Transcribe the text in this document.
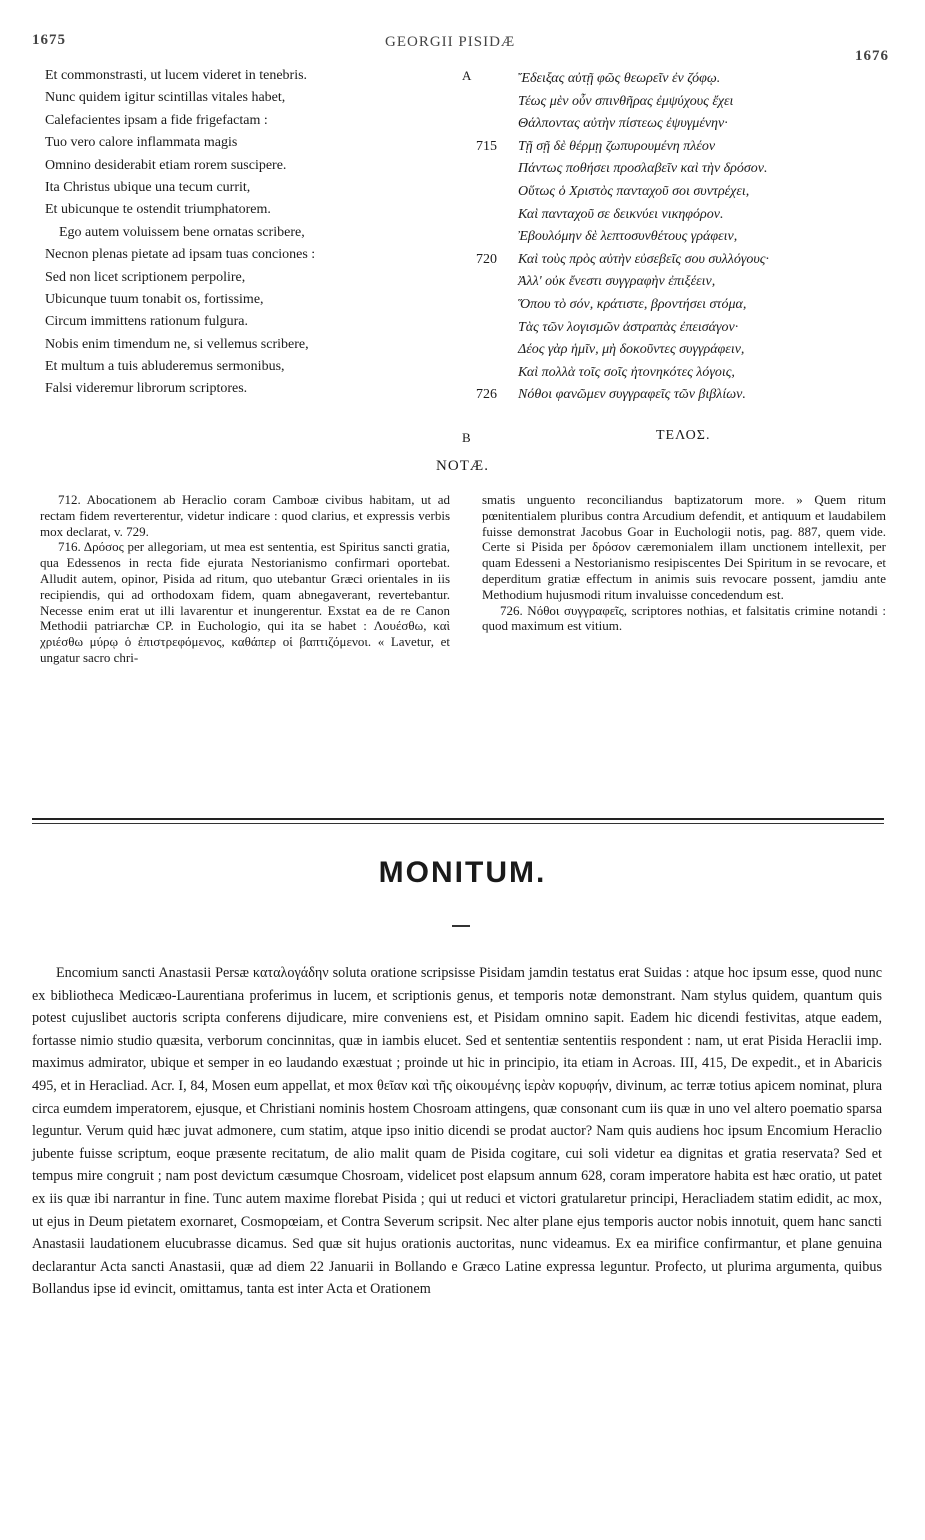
1675	GEORGII PISIDÆ
1676
Et commonstrasti, ut lucem videret in tenebris.
Nunc quidem igitur scintillas vitales habet,
Calefacientes ipsam a fide frigefactam :
Tuo vero calore inflammata magis
Omnino desiderabit etiam rorem suscipere.
Ita Christus ubique una tecum currit,
Et ubicunque te ostendit triumphatorem.
Ego autem voluissem bene ornatas scribere,
Necnon plenas pietate ad ipsam tuas conciones :
Sed non licet scriptionem perpolire,
Ubicunque tuum tonabit os, fortissime,
Circum immittens rationum fulgura.
Nobis enim timendum ne, si vellemus scribere,
Et multum a tuis abluderemus sermonibus,
Falsi videremur librorum scriptores.
A
B
Ἔδειξας αὐτῇ φῶς θεωρεῖν ἐν ζόφῳ.
Τέως μὲν οὖν σπινθῆρας ἐμψύχους ἔχει
Θάλποντας αὐτὴν πίστεως ἐψυγμένην·
715 Τῇ σῇ δὲ θέρμῃ ζωπυρουμένη πλέον
Πάντως ποθήσει προσλαβεῖν καὶ τὴν δρόσον.
Οὕτως ὁ Χριστὸς πανταχοῦ σοι συντρέχει,
Καὶ πανταχοῦ σε δεικνύει νικηφόρον.
Ἐβουλόμην δὲ λεπτοσυνθέτους γράφειν,
720 Καὶ τοὺς πρὸς αὐτὴν εὐσεβεῖς σου συλλόγους·
Ἀλλ' οὐκ ἔνεστι συγγραφὴν ἐπιξέειν,
Ὅπου τὸ σόν, κράτιστε, βροντήσει στόμα,
Τὰς τῶν λογισμῶν ἀστραπὰς ἐπεισάγον·
Δέος γὰρ ἡμῖν, μὴ δοκοῦντες συγγράφειν,
Καὶ πολλὰ τοῖς σοῖς ἠτονηκότες λόγοις,
726 Νόθοι φανῶμεν συγγραφεῖς τῶν βιβλίων.
ΤΕΛΟΣ.
NOTÆ.

712. Abocationem ab Heraclio coram Camboæ civibus habitam, ut ad rectam fidem reverterentur, videtur indicare : quod clarius, et expressis verbis mox declarat, v. 729.

716. Δρόσος per allegoriam, ut mea est sententia, est Spiritus sancti gratia, qua Edessenos in recta fide ejurata Nestorianismo confirmari oportebat. Alludit autem, opinor, Pisida ad ritum, quo utebantur Græci orientales in iis recipiendis, qui ad orthodoxam fidem, quam abnegaverant, revertebantur. Necesse enim erat ut illi lavarentur et inungerentur. Exstat ea de re Canon Methodii patriarchæ CP. in Euchologio, qui ita se habet : Λουέσθω, καὶ χριέσθω μύρῳ ὁ ἐπιστρεφόμενος, καθάπερ οἱ βαπτιζόμενοι. « Lavetur, et ungatur sacro chri-

smatis unguento reconciliandus baptizatorum more. » Quem ritum pœnitentialem pluribus contra Arcudium defendit, et antiquum et laudabilem fuisse demonstrat Jacobus Goar in Euchologii notis, pag. 887, quem vide. Certe si Pisida per δρόσον cæremonialem illam unctionem intellexit, per quam Edesseni a Nestorianismo resipiscentes Dei Spiritum in se revocare, et deperditum gratiæ effectum in animis suis revocare possent, jamdiu ante Methodium hujusmodi ritum invaluisse concedendum est.

726. Νόθοι συγγραφεῖς, scriptores nothias, et falsitatis crimine notandi : quod maximum est vitium.

MONITUM.

Encomium sancti Anastasii Persæ καταλογάδην soluta oratione scripsisse Pisidam jamdin testatus erat Suidas : atque hoc ipsum esse, quod nunc ex bibliotheca Medicæo-Laurentiana proferimus in lucem, et scriptionis genus, et temporis notæ demonstrant. Nam stylus quidem, quantum quis potest cujuslibet auctoris scripta conferens dijudicare, mire conveniens est, et Pisidam omnino sapit. Eadem hic dicendi festivitas, atque eadem, fortasse nimio studio quæsita, verborum concinnitas, quæ in iambis elucet. Sed et sententiæ sententiis respondent : nam, ut erat Pisida Heraclii imp. maximus admirator, ubique et semper in eo laudando exæstuat ; proinde ut hic in principio, ita etiam in Acroas. III, 415, De expedit., et in Abaricis 495, et in Heracliad. Acr. I, 84, Mosen eum appellat, et mox θεῖαν καὶ τῆς οἰκουμένης ἱερὰν κορυφήν, divinum, ac terræ totius apicem nominat, plura circa eumdem imperatorem, ejusque, et Christiani nominis hostem Chosroam attingens, quæ consonant cum iis quæ in uno vel altero poematio sparsa leguntur. Verum quid hæc juvat admonere, cum statim, atque ipso initio dicendi se prodat auctor? Nam quis audiens hoc ipsum Encomium Heraclio jubente fuisse scriptum, eoque præsente recitatum, de alio malit quam de Pisida cogitare, cui soli videtur ea dignitas et gratia reservata? Sed et tempus mire congruit ; nam post devictum cæsumque Chosroam, videlicet post elapsum annum 628, coram imperatore habita est hæc oratio, ut patet ex iis quæ ibi narrantur in fine. Tunc autem maxime florebat Pisida ; qui ut reduci et victori gratularetur principi, Heracliadem statim edidit, ac mox, ut ejus in Deum pietatem exornaret, Cosmopœiam, et Contra Severum scripsit. Nec alter plane ejus temporis auctor nobis innotuit, quem hanc sancti Anastasii laudationem elucubrasse dicamus. Sed quæ sit hujus orationis auctoritas, nunc videamus. Ex ea mirifice confirmantur, et plane genuina declarantur Acta sancti Anastasii, quæ ad diem 22 Januarii in Bollando e Græco Latine expressa leguntur. Profecto, ut plurima argumenta, quibus Bollandus ipse id evincit, omittamus, tanta est inter Acta et Orationem
